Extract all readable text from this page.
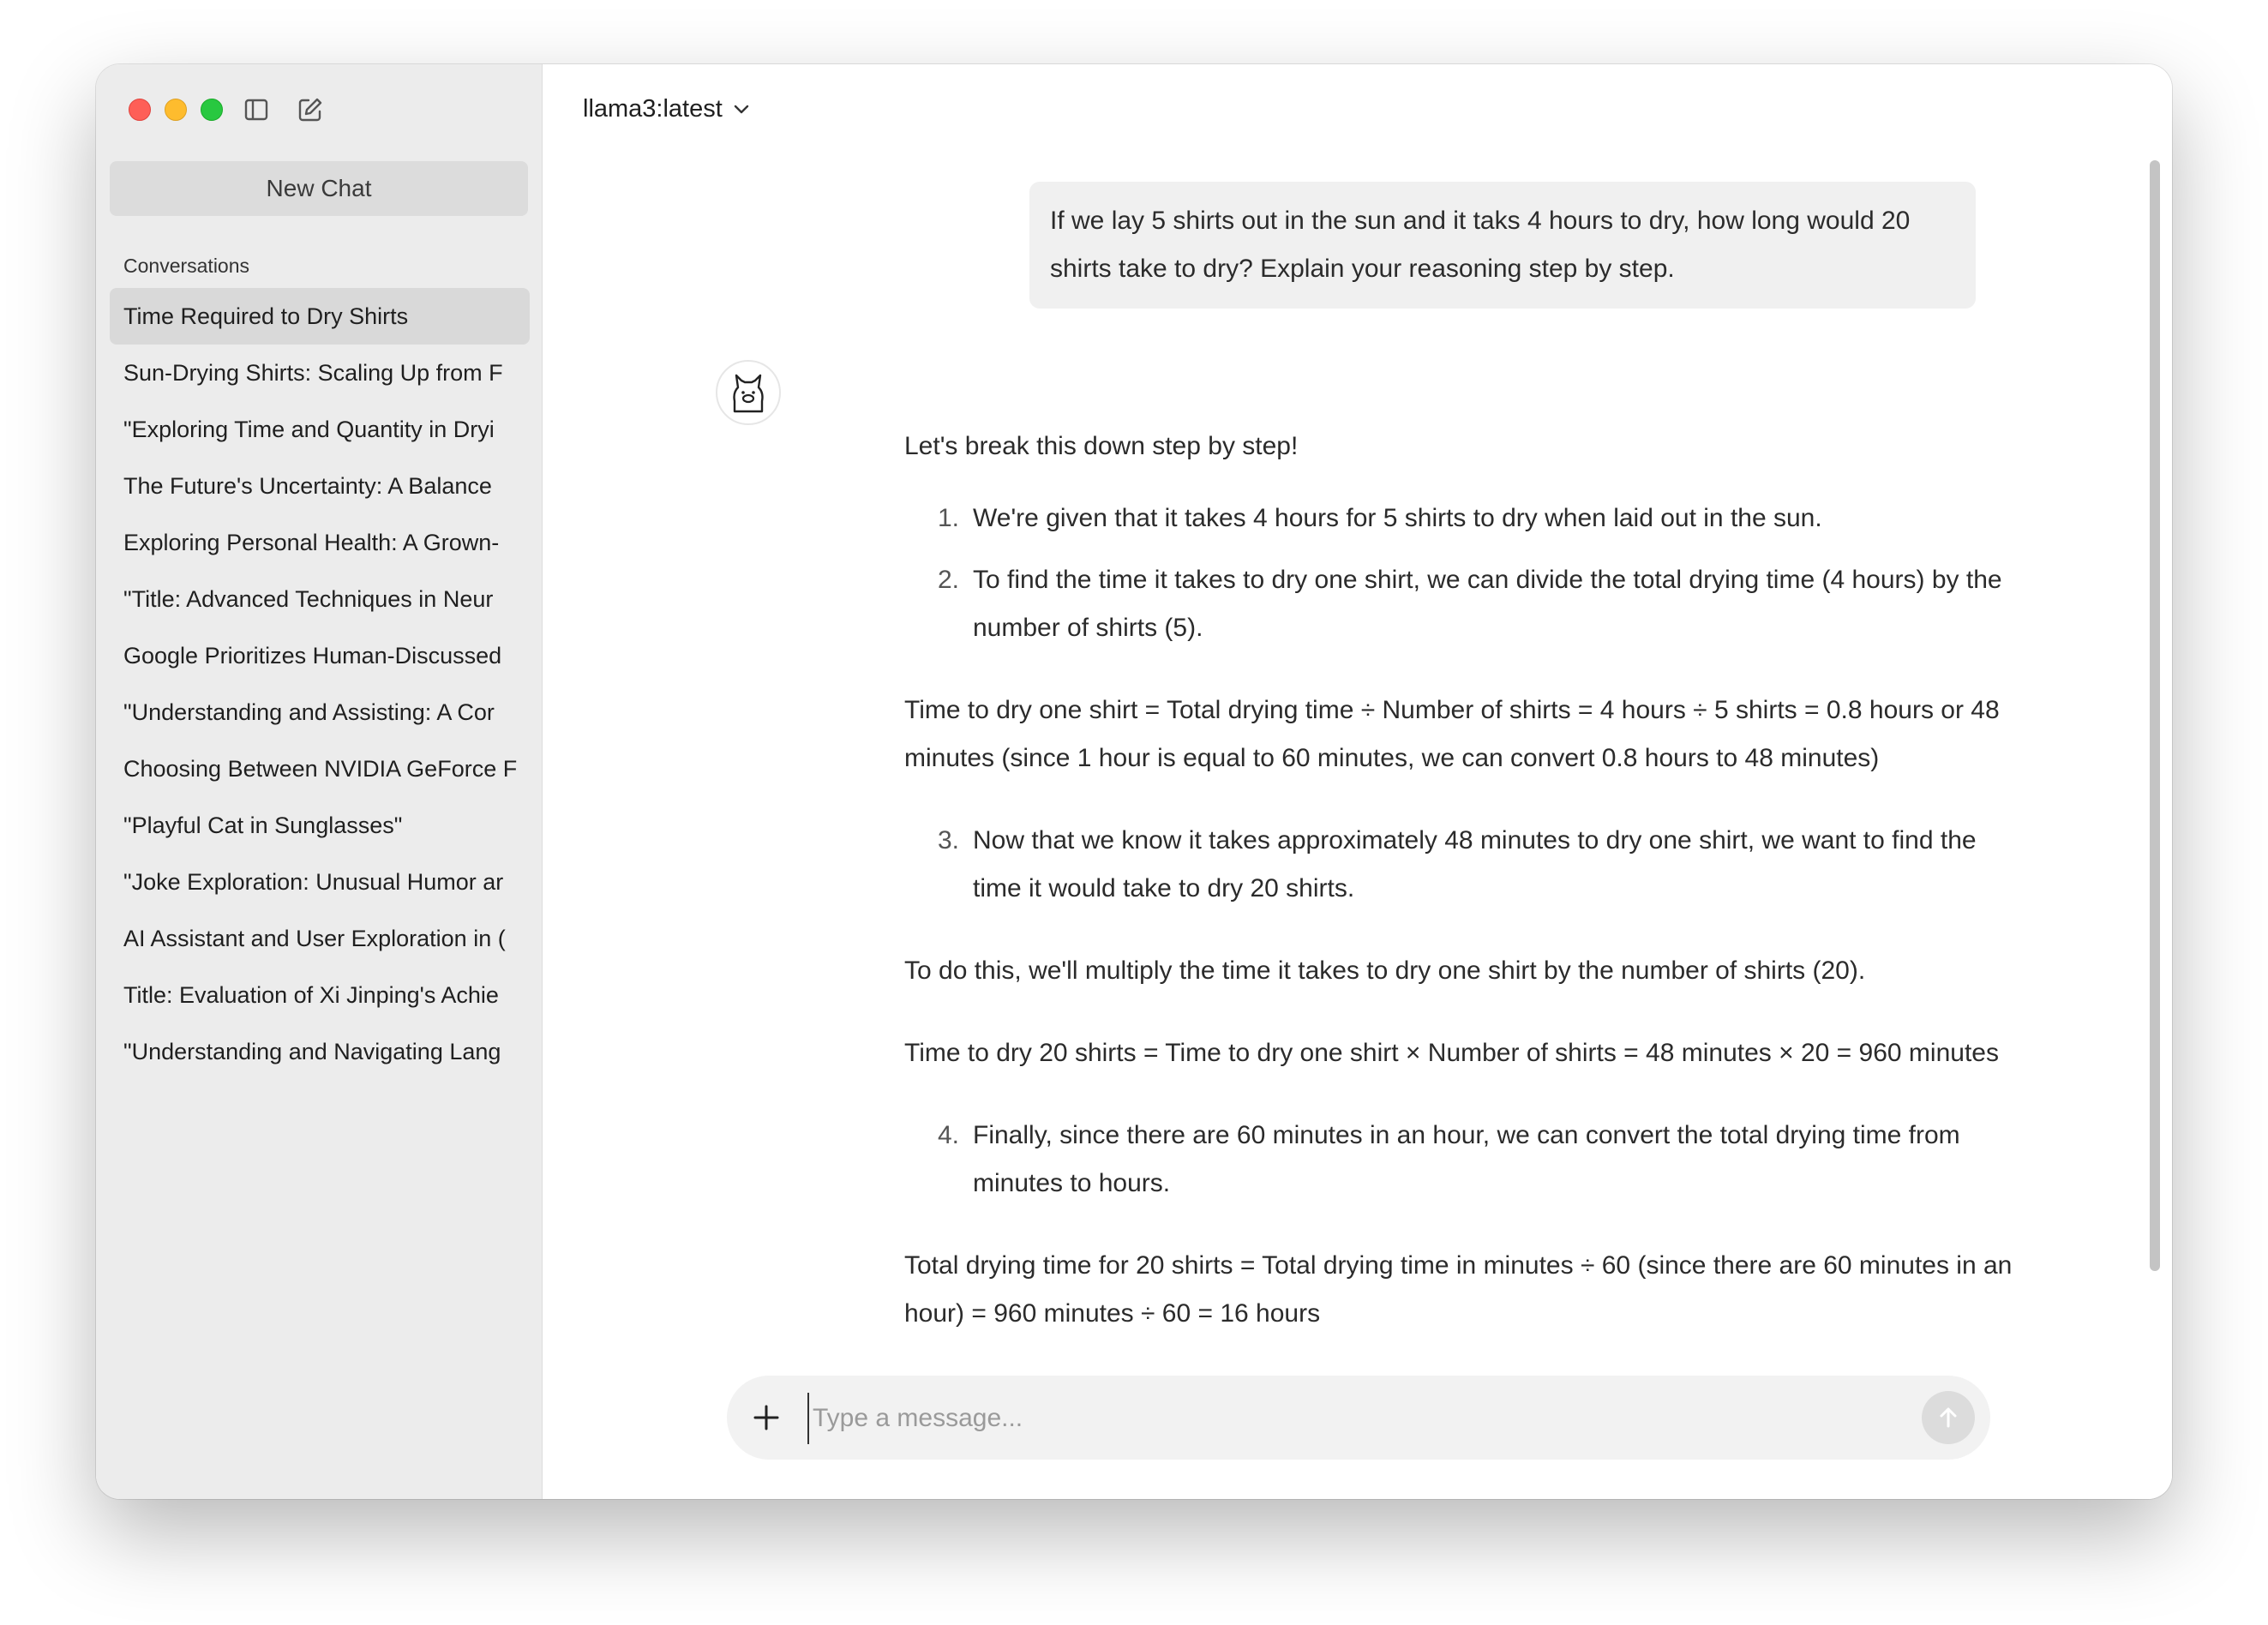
New Chat
Conversations
Time Required to Dry Shirts
Sun-Drying Shirts: Scaling Up from F
"Exploring Time and Quantity in Dryi
The Future's Uncertainty: A Balance
Exploring Personal Health: A Grown-
"Title: Advanced Techniques in Neur
Google Prioritizes Human-Discussed
"Understanding and Assisting: A Cor
Choosing Between NVIDIA GeForce F
"Playful Cat in Sunglasses"
"Joke Exploration: Unusual Humor ar
AI Assistant and User Exploration in (
Title: Evaluation of Xi Jinping's Achie
"Understanding and Navigating Lang
llama3:latest
If we lay 5 shirts out in the sun and it taks 4 hours to dry, how long would 20 shirts take to dry? Explain your reasoning step by step.

Let's break this down step by step!

1. We're given that it takes 4 hours for 5 shirts to dry when laid out in the sun.
2. To find the time it takes to dry one shirt, we can divide the total drying time (4 hours) by the number of shirts (5).

Time to dry one shirt = Total drying time ÷ Number of shirts = 4 hours ÷ 5 shirts = 0.8 hours or 48 minutes (since 1 hour is equal to 60 minutes, we can convert 0.8 hours to 48 minutes)

3. Now that we know it takes approximately 48 minutes to dry one shirt, we want to find the time it would take to dry 20 shirts.

To do this, we'll multiply the time it takes to dry one shirt by the number of shirts (20).

Time to dry 20 shirts = Time to dry one shirt × Number of shirts = 48 minutes × 20 = 960 minutes

4. Finally, since there are 60 minutes in an hour, we can convert the total drying time from minutes to hours.

Total drying time for 20 shirts = Total drying time in minutes ÷ 60 (since there are 60 minutes in an hour) = 960 minutes ÷ 60 = 16 hours

Type a message...
